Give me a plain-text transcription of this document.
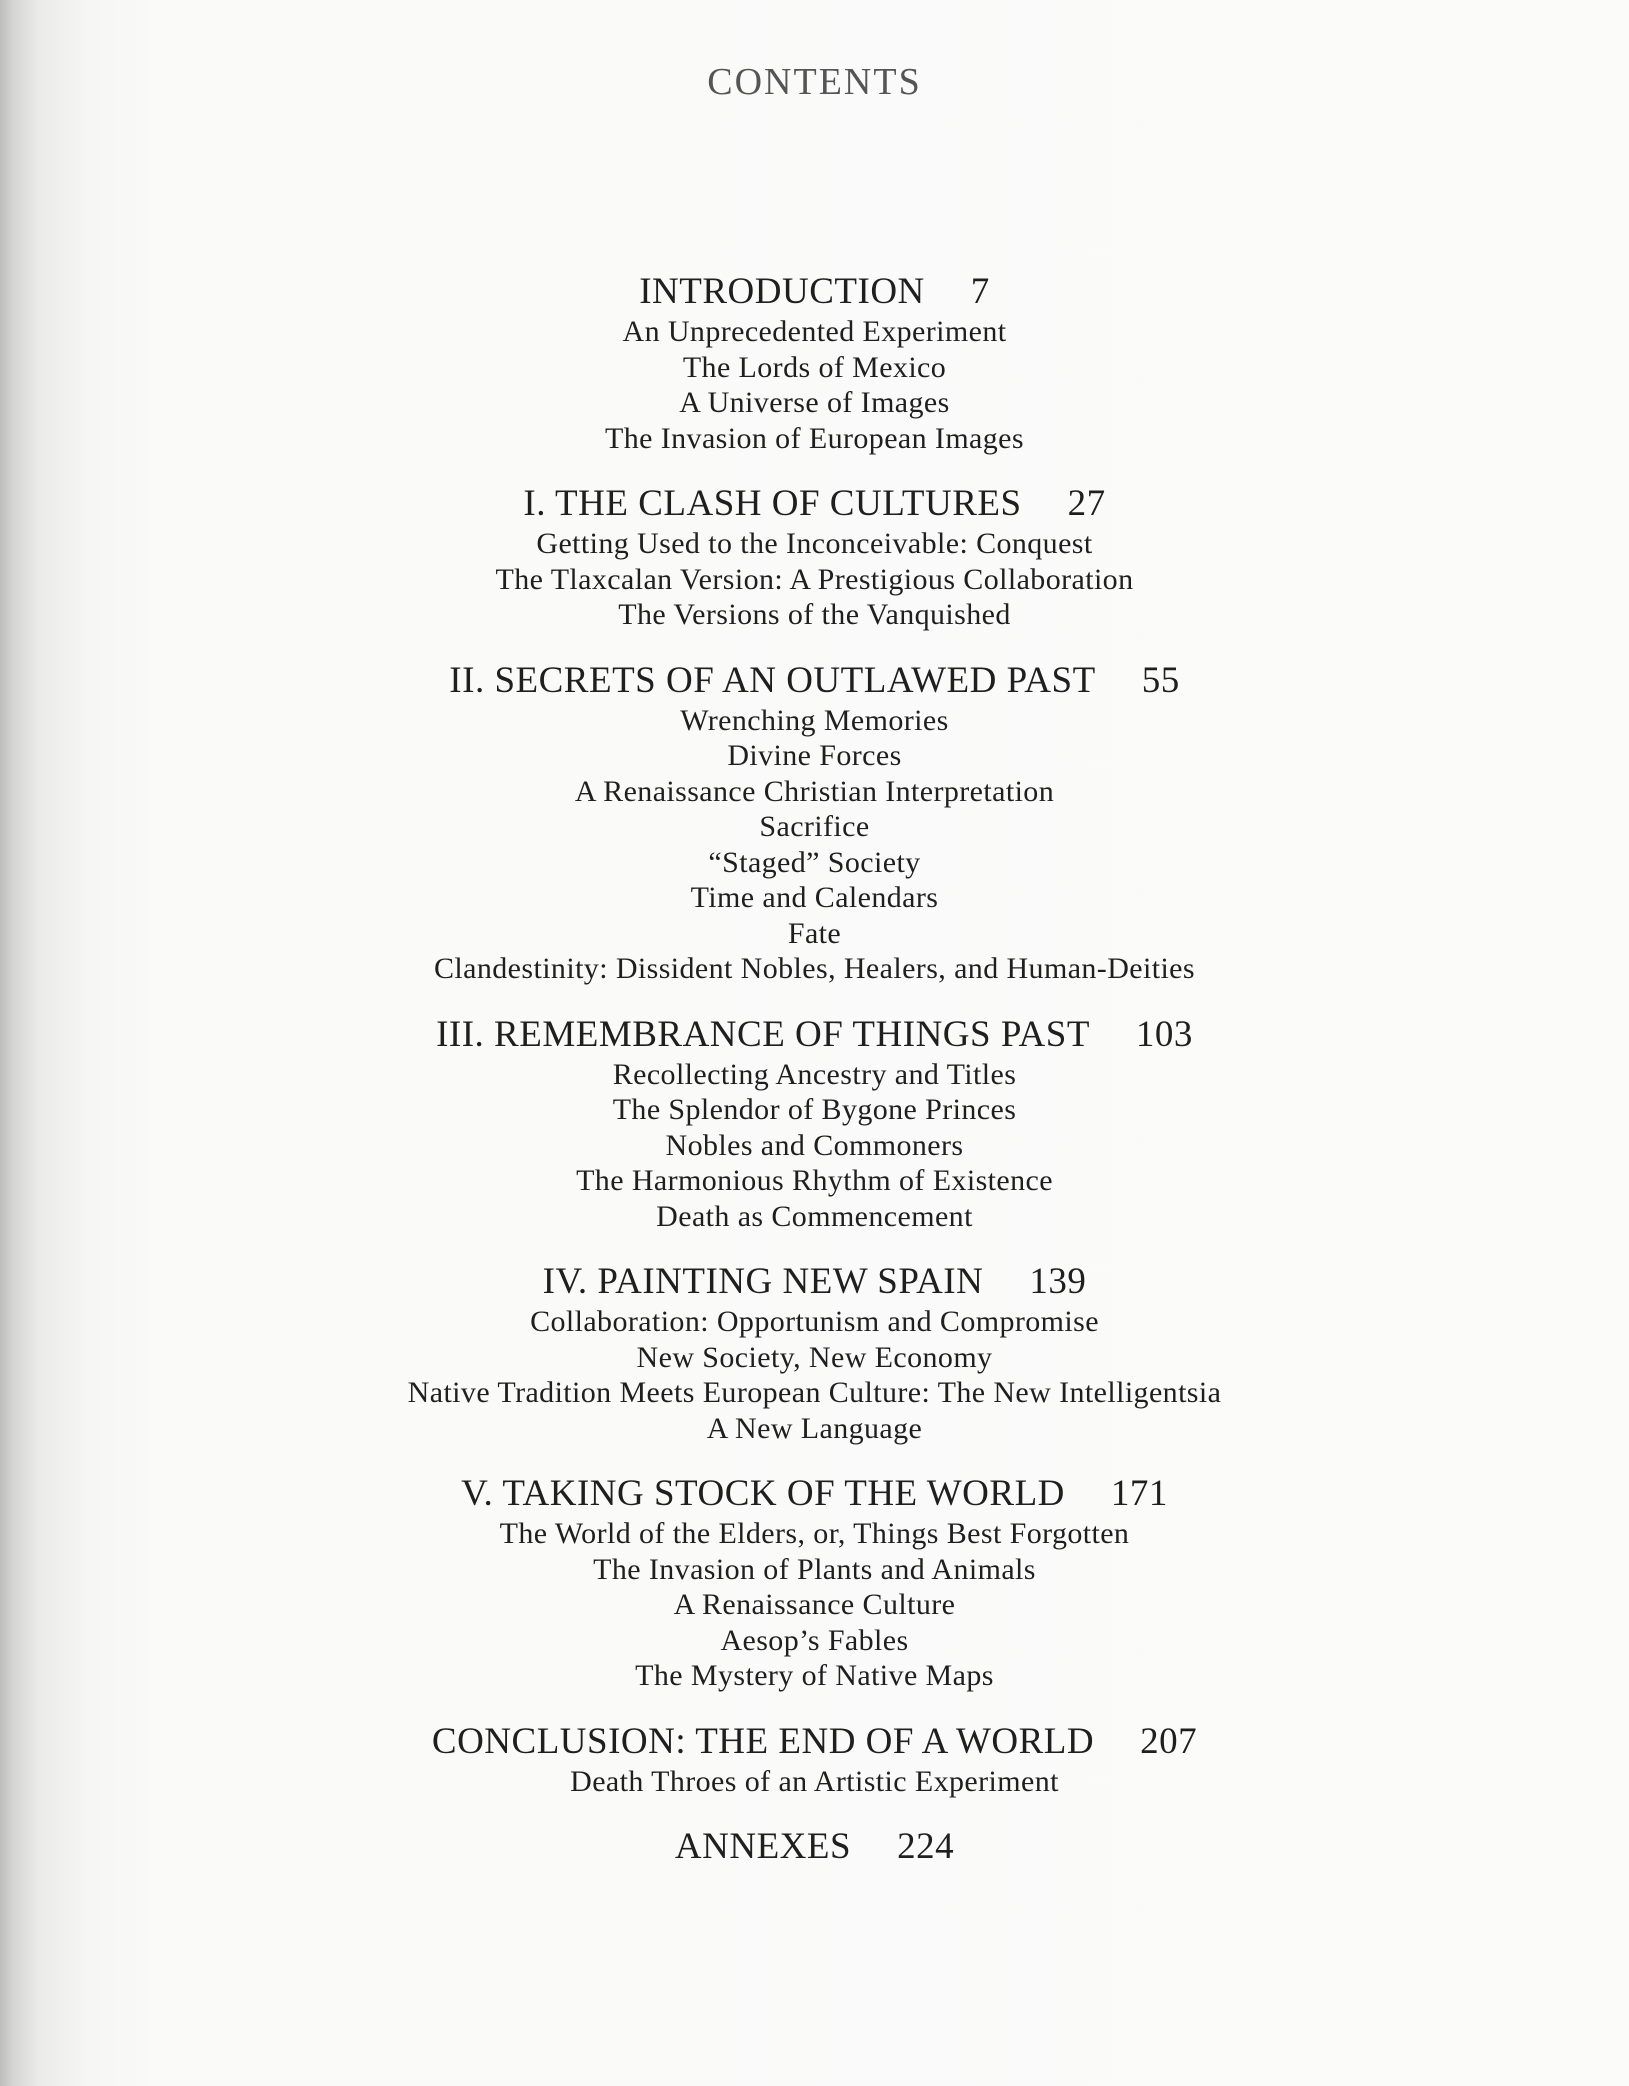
CONTENTS
INTRODUCTION 7
An Unprecedented Experiment
The Lords of Mexico
A Universe of Images
The Invasion of European Images
I. THE CLASH OF CULTURES 27
Getting Used to the Inconceivable: Conquest
The Tlaxcalan Version: A Prestigious Collaboration
The Versions of the Vanquished
II. SECRETS OF AN OUTLAWED PAST 55
Wrenching Memories
Divine Forces
A Renaissance Christian Interpretation
Sacrifice
“Staged” Society
Time and Calendars
Fate
Clandestinity: Dissident Nobles, Healers, and Human-Deities
III. REMEMBRANCE OF THINGS PAST 103
Recollecting Ancestry and Titles
The Splendor of Bygone Princes
Nobles and Commoners
The Harmonious Rhythm of Existence
Death as Commencement
IV. PAINTING NEW SPAIN 139
Collaboration: Opportunism and Compromise
New Society, New Economy
Native Tradition Meets European Culture: The New Intelligentsia
A New Language
V. TAKING STOCK OF THE WORLD 171
The World of the Elders, or, Things Best Forgotten
The Invasion of Plants and Animals
A Renaissance Culture
Aesop’s Fables
The Mystery of Native Maps
CONCLUSION: THE END OF A WORLD 207
Death Throes of an Artistic Experiment
ANNEXES 224
